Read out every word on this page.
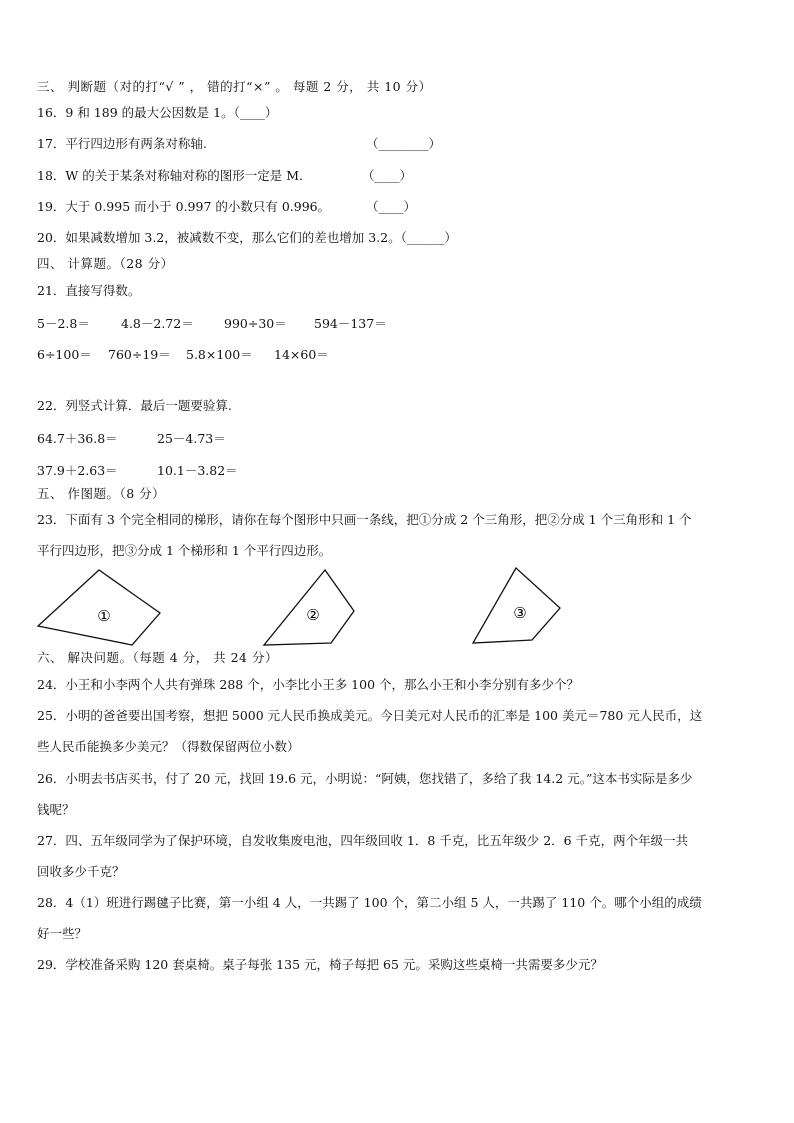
三、 判断题（对的打“√ ” ， 错的打“×” 。 每题 2 分， 共 10 分）
16．9 和 189 的最大公因数是 1。（____）
17．平行四边形有两条对称轴.	（________）
18．W 的关于某条对称轴对称的图形一定是 M.	（____）
19．大于 0.995 而小于 0.997 的小数只有 0.996。	（____）
20．如果减数增加 3.2，被减数不变，那么它们的差也增加 3.2。（______）
四、 计算题。（28 分）
21．直接写得数。
5－2.8＝ 4.8－2.72＝ 990÷30＝ 594－137＝
6÷100＝ 760÷19＝ 5.8×100＝ 14×60＝
22．列竖式计算．最后一题要验算.
64.7＋36.8＝	25－4.73＝
37.9＋2.63＝	10.1－3.82＝
五、 作图题。（8 分）
23．下面有 3 个完全相同的梯形，请你在每个图形中只画一条线，把①分成 2 个三角形，把②分成 1 个三角形和 1 个
平行四边形，把③分成 1 个梯形和 1 个平行四边形。
①	②	③
六、 解决问题。（每题 4 分， 共 24 分）
24．小王和小李两个人共有弹珠 288 个，小李比小王多 100 个，那么小王和小李分别有多少个？
25．小明的爸爸要出国考察，想把 5000 元人民币换成美元。今日美元对人民币的汇率是 100 美元＝780 元人民币，这
些人民币能换多少美元？（得数保留两位小数）
26．小明去书店买书，付了 20 元，找回 19.6 元，小明说：“阿姨，您找错了，多给了我 14.2 元。”这本书实际是多少
钱呢？
27．四、五年级同学为了保护环境，自发收集废电池，四年级回收 1．8 千克，比五年级少 2．6 千克，两个年级一共
回收多少千克？
28．4（1）班进行踢毽子比赛，第一小组 4 人，一共踢了 100 个，第二小组 5 人，一共踢了 110 个。哪个小组的成绩
好一些？
29．学校准备采购 120 套桌椅。桌子每张 135 元，椅子每把 65 元。采购这些桌椅一共需要多少元？
